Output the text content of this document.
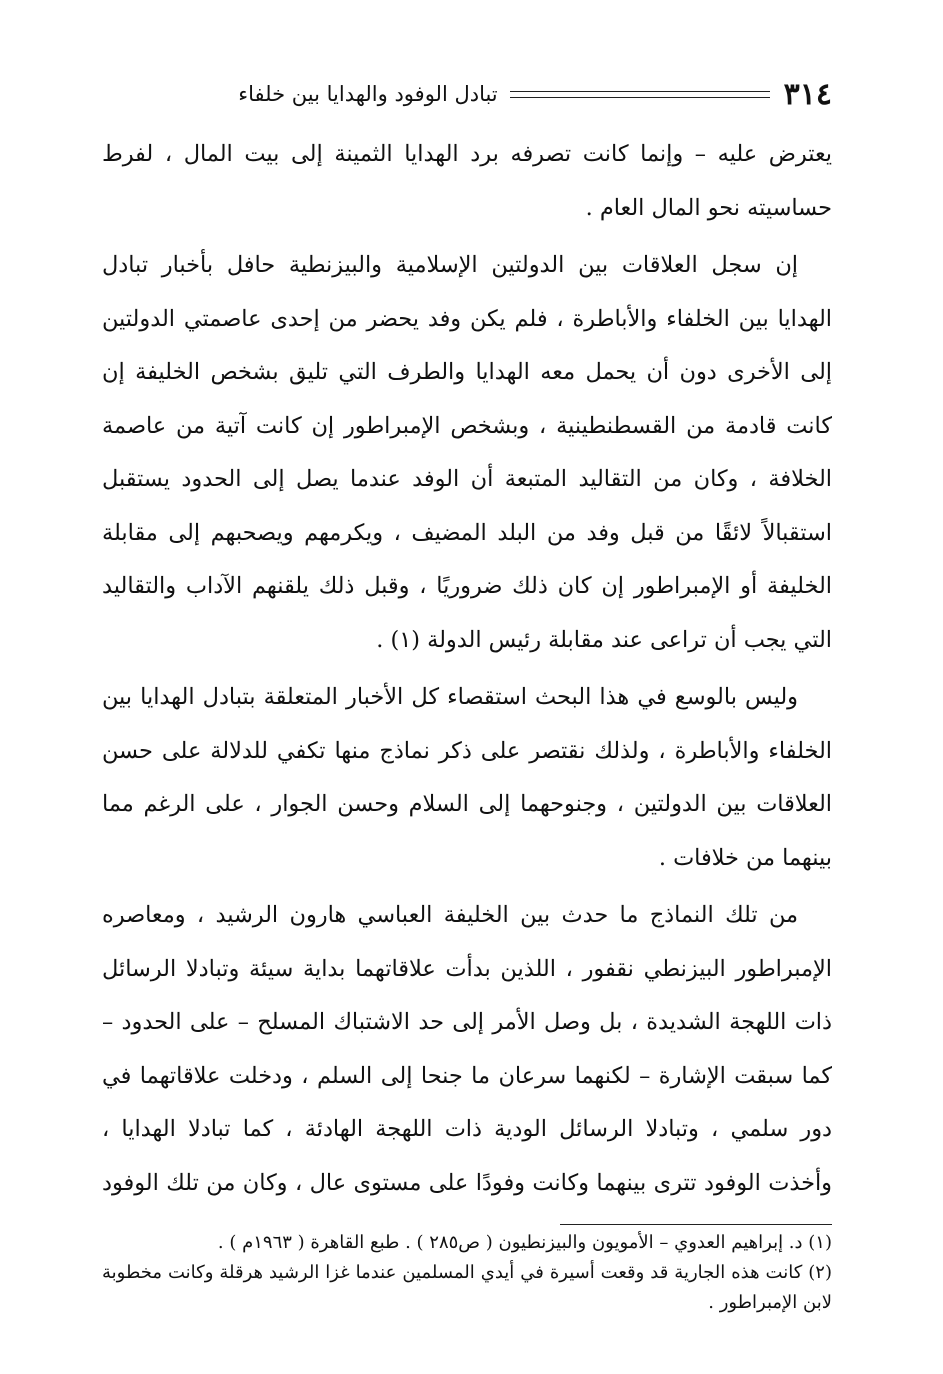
٣١٤
تبادل الوفود والهدايا بين خلفاء

يعترض عليه – وإنما كانت تصرفه برد الهدايا الثمينة إلى بيت المال ، لفرط حساسيته نحو المال العام .

إن سجل العلاقات بين الدولتين الإسلامية والبيزنطية حافل بأخبار تبادل الهدايا بين الخلفاء والأباطرة ، فلم يكن وفد يحضر من إحدى عاصمتي الدولتين إلى الأخرى دون أن يحمل معه الهدايا والطرف التي تليق بشخص الخليفة إن كانت قادمة من القسطنطينية ، وبشخص الإمبراطور إن كانت آتية من عاصمة الخلافة ، وكان من التقاليد المتبعة أن الوفد عندما يصل إلى الحدود يستقبل استقبالاً لائقًا من قبل وفد من البلد المضيف ، ويكرمهم ويصحبهم إلى مقابلة الخليفة أو الإمبراطور إن كان ذلك ضروريًا ، وقبل ذلك يلقنهم الآداب والتقاليد التي يجب أن تراعى عند مقابلة رئيس الدولة (١) .

وليس بالوسع في هذا البحث استقصاء كل الأخبار المتعلقة بتبادل الهدايا بين الخلفاء والأباطرة ، ولذلك نقتصر على ذكر نماذج منها تكفي للدلالة على حسن العلاقات بين الدولتين ، وجنوحهما إلى السلام وحسن الجوار ، على الرغم مما بينهما من خلافات .

من تلك النماذج ما حدث بين الخليفة العباسي هارون الرشيد ، ومعاصره الإمبراطور البيزنطي نقفور ، اللذين بدأت علاقاتهما بداية سيئة وتبادلا الرسائل ذات اللهجة الشديدة ، بل وصل الأمر إلى حد الاشتباك المسلح – على الحدود – كما سبقت الإشارة – لكنهما سرعان ما جنحا إلى السلم ، ودخلت علاقاتهما في دور سلمي ، وتبادلا الرسائل الودية ذات اللهجة الهادئة ، كما تبادلا الهدايا ، وأخذت الوفود تترى بينهما وكانت وفودًا على مستوى عال ، وكان من تلك الوفود

(١) د. إبراهيم العدوي – الأمويون والبيزنطيون ( ص٢٨٥ ) . طبع القاهرة ( ١٩٦٣م ) .

(٢) كانت هذه الجارية قد وقعت أسيرة في أيدي المسلمين عندما غزا الرشيد هرقلة وكانت مخطوبة لابن الإمبراطور .
